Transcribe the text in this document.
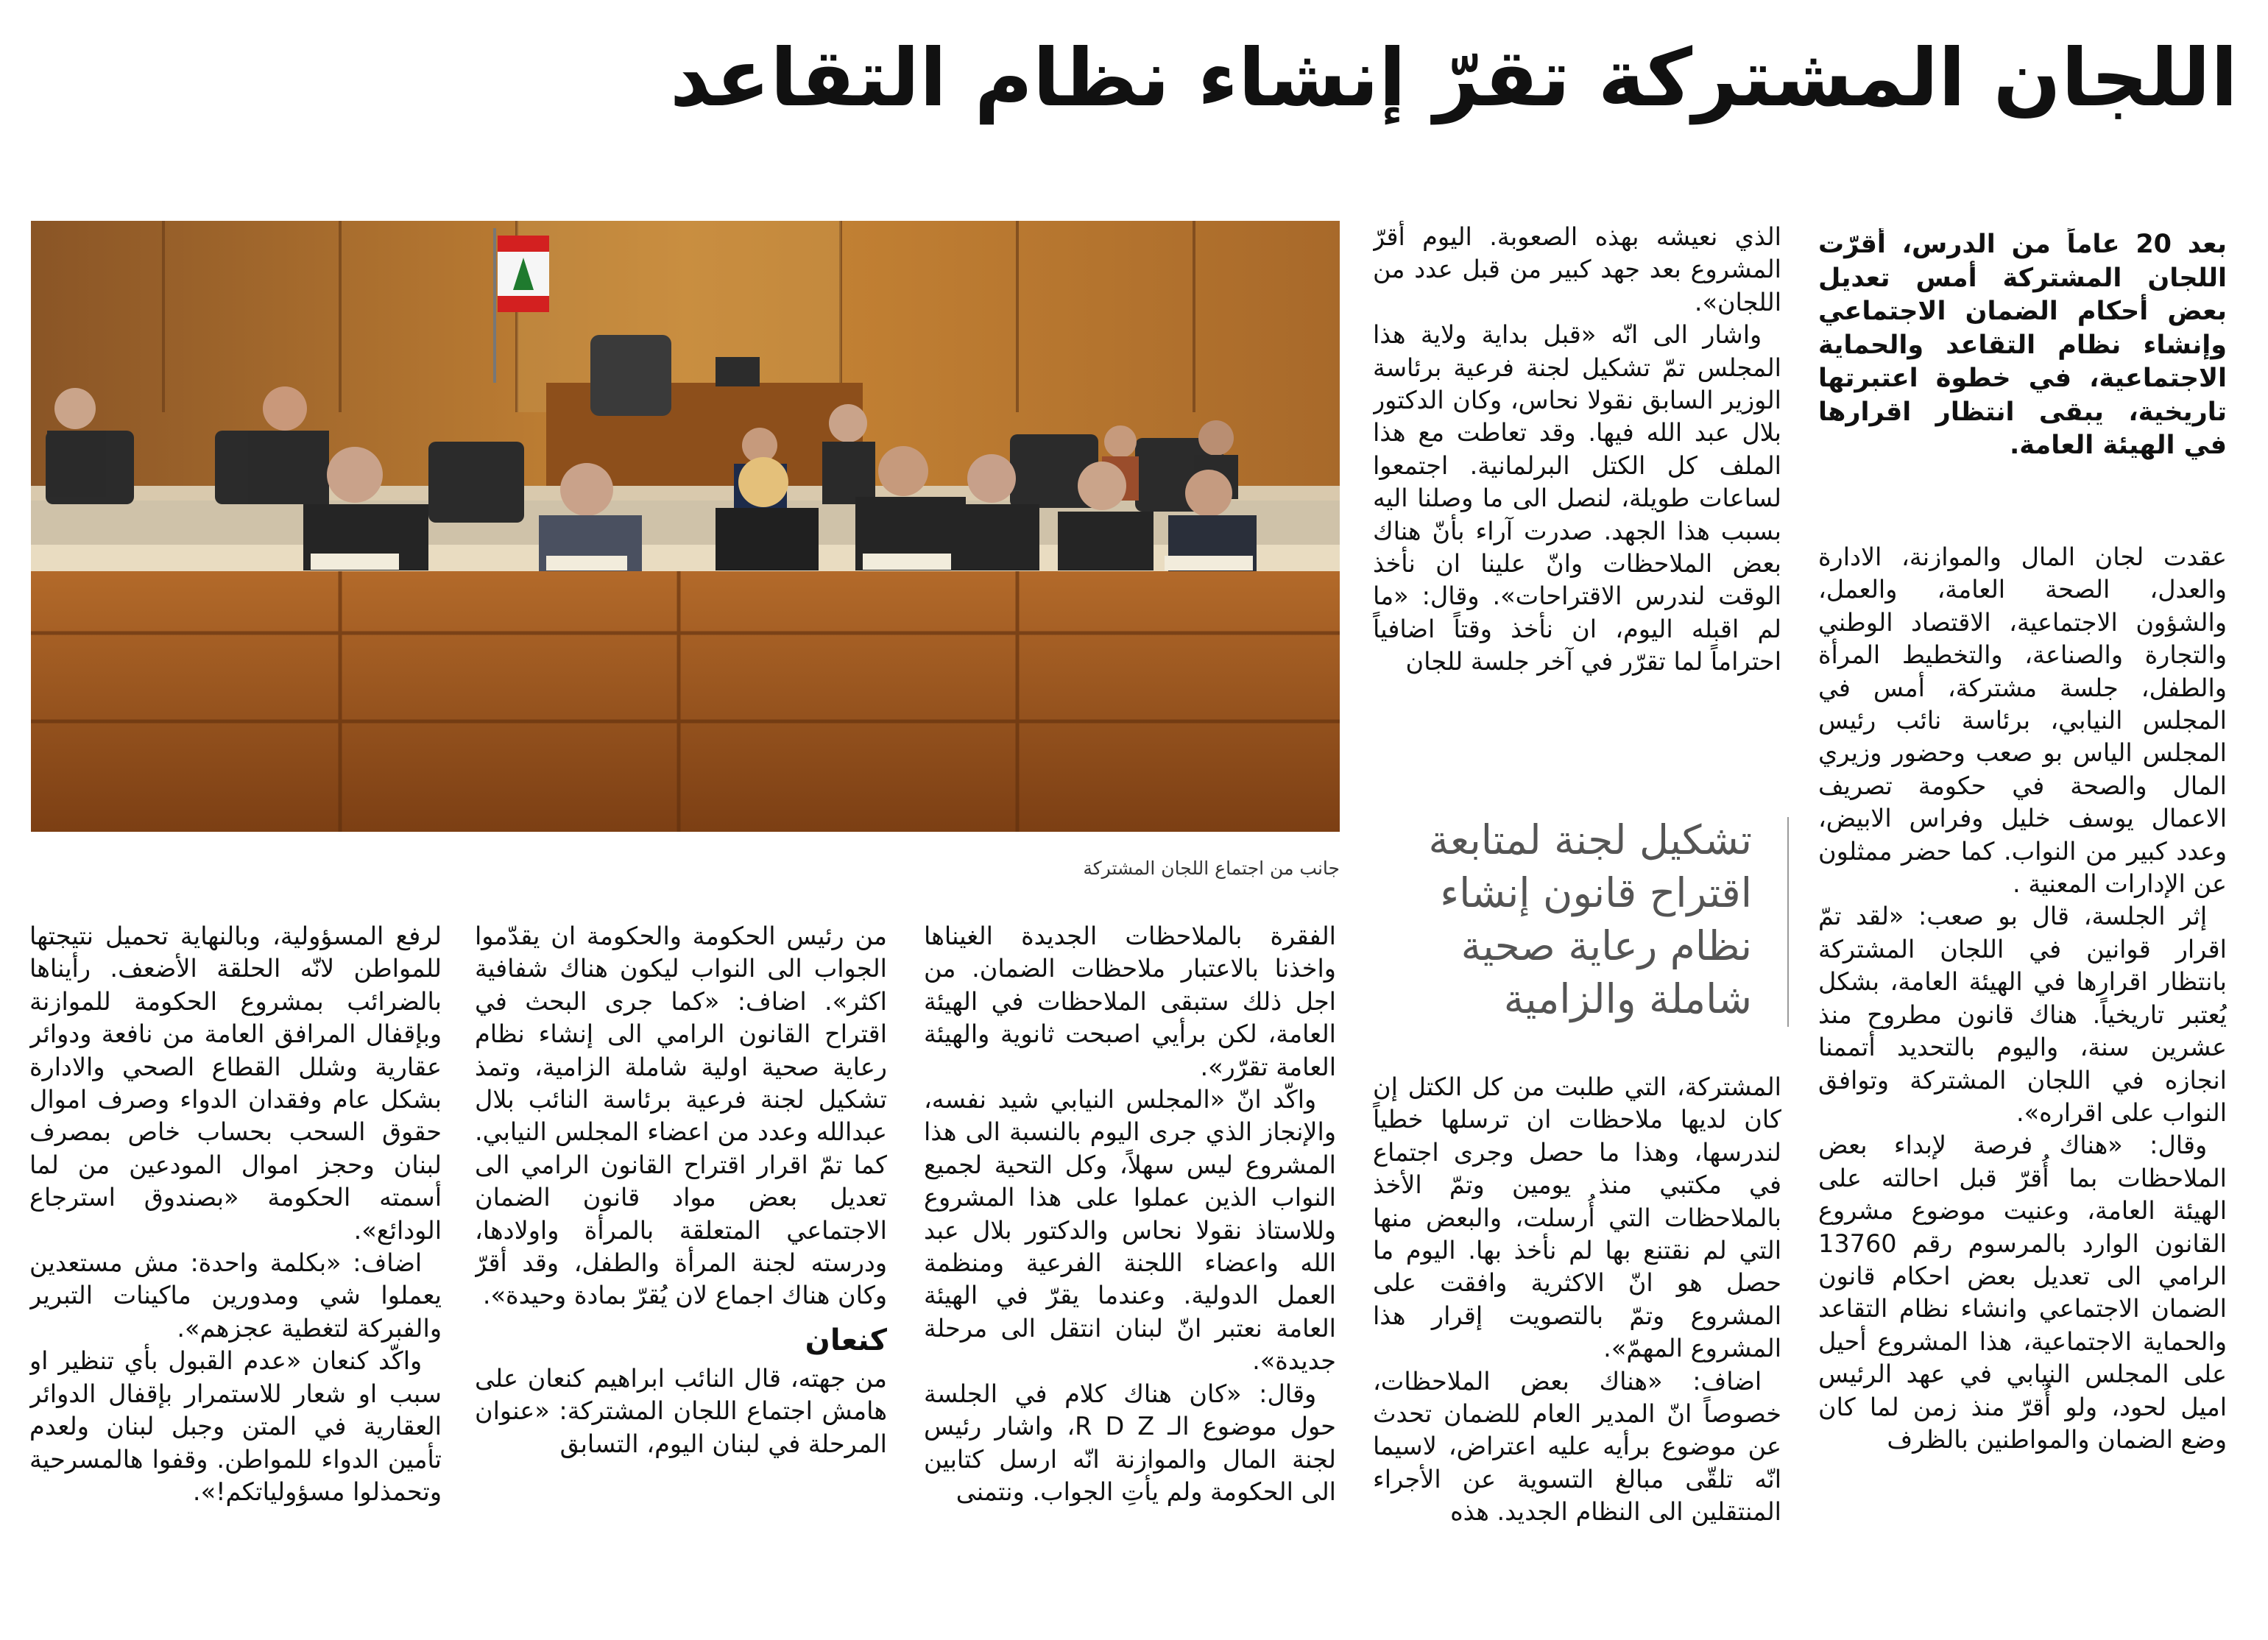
اللجان المشتركة تقرّ إنشاء نظام التقاعد

بعد 20 عاماً من الدرس، أقرّت اللجان المشتركة أمس تعديل بعض أحكام الضمان الاجتماعي وإنشاء نظام التقاعد والحماية الاجتماعية، في خطوة اعتبرتها تاريخية، يبقى انتظار اقرارها في الهيئة العامة.

عقدت لجان المال والموازنة، الادارة والعدل، الصحة العامة، والعمل، والشؤون الاجتماعية، الاقتصاد الوطني والتجارة والصناعة، والتخطيط المرأة والطفل، جلسة مشتركة، أمس في المجلس النيابي، برئاسة نائب رئيس المجلس الياس بو صعب وحضور وزيري المال والصحة في حكومة تصريف الاعمال يوسف خليل وفراس الابيض، وعدد كبير من النواب. كما حضر ممثلون عن الإدارات المعنية .

إثر الجلسة، قال بو صعب: «لقد تمّ اقرار قوانين في اللجان المشتركة بانتظار اقرارها في الهيئة العامة، بشكل يُعتبر تاريخياً. هناك قانون مطروح منذ عشرين سنة، واليوم بالتحديد أتممنا انجازه في اللجان المشتركة وتوافق النواب على اقراره».

وقال: «هناك فرصة لإبداء بعض الملاحظات بما أُقرّ قبل احالته على الهيئة العامة، وعنيت موضوع مشروع القانون الوارد بالمرسوم رقم 13760 الرامي الى تعديل بعض احكام قانون الضمان الاجتماعي وانشاء نظام التقاعد والحماية الاجتماعية، هذا المشروع أحيل على المجلس النيابي في عهد الرئيس اميل لحود، ولو أُقرّ منذ زمن لما كان وضع الضمان والمواطنين بالظرف

الذي نعيشه بهذه الصعوبة. اليوم أُقرّ المشروع بعد جهد كبير من قبل عدد من اللجان».

واشار الى انّه «قبل بداية ولاية هذا المجلس تمّ تشكيل لجنة فرعية برئاسة الوزير السابق نقولا نحاس، وكان الدكتور بلال عبد الله فيها. وقد تعاطت مع هذا الملف كل الكتل البرلمانية. اجتمعوا لساعات طويلة، لنصل الى ما وصلنا اليه بسبب هذا الجهد. صدرت آراء بأنّ هناك بعض الملاحظات وانّ علينا ان نأخذ الوقت لندرس الاقتراحات». وقال: «ما لم اقبله اليوم، ان نأخذ وقتاً اضافياً احتراماً لما تقرّر في آخر جلسة للجان

تشكيل لجنة لمتابعة اقتراح قانون إنشاء نظام رعاية صحية شاملة والزامية

المشتركة، التي طلبت من كل الكتل إن كان لديها ملاحظات ان ترسلها خطياً لندرسها، وهذا ما حصل وجرى اجتماع في مكتبي منذ يومين وتمّ الأخذ بالملاحظات التي أُرسلت، والبعض منها التي لم نقتنع بها لم نأخذ بها. اليوم ما حصل هو انّ الاكثرية وافقت على المشروع وتمّ بالتصويت إقرار هذا المشروع المهمّ».

اضاف: «هناك بعض الملاحظات، خصوصاً انّ المدير العام للضمان تحدث عن موضوع برأيه عليه اعتراض، لاسيما انّه تلقّى مبالغ التسوية عن الأجراء المنتقلين الى النظام الجديد. هذه

جانب من اجتماع اللجان المشتركة

الفقرة بالملاحظات الجديدة الغيناها واخذنا بالاعتبار ملاحظات الضمان. من اجل ذلك ستبقى الملاحظات في الهيئة العامة، لكن برأيي اصبحت ثانوية والهيئة العامة تقرّر».

واكّد انّ «المجلس النيابي شيد نفسه، والإنجاز الذي جرى اليوم بالنسبة الى هذا المشروع ليس سهلاً، وكل التحية لجميع النواب الذين عملوا على هذا المشروع وللاستاذ نقولا نحاس والدكتور بلال عبد الله واعضاء اللجنة الفرعية ومنظمة العمل الدولية. وعندما يقرّ في الهيئة العامة نعتبر انّ لبنان انتقل الى مرحلة جديدة».

وقال: «كان هناك كلام في الجلسة حول موضوع الـ R D Z، واشار رئيس لجنة المال والموازنة انّه ارسل كتابين الى الحكومة ولم يأتِ الجواب. ونتمنى

من رئيس الحكومة والحكومة ان يقدّموا الجواب الى النواب ليكون هناك شفافية اكثر». اضاف: «كما جرى البحث في اقتراح القانون الرامي الى إنشاء نظام رعاية صحية اولية شاملة الزامية، وتمذ تشكيل لجنة فرعية برئاسة النائب بلال عبدالله وعدد من اعضاء المجلس النيابي. كما تمّ اقرار اقتراح القانون الرامي الى تعديل بعض مواد قانون الضمان الاجتماعي المتعلقة بالمرأة واولادها، ودرسته لجنة المرأة والطفل، وقد أقرّ وكان هناك اجماع لان يُقرّ بمادة وحيدة».

كنعان

من جهته، قال النائب ابراهيم كنعان على هامش اجتماع اللجان المشتركة: «عنوان المرحلة في لبنان اليوم، التسابق

لرفع المسؤولية، وبالنهاية تحميل نتيجتها للمواطن لانّه الحلقة الأضعف. رأيناها بالضرائب بمشروع الحكومة للموازنة وبإقفال المرافق العامة من نافعة ودوائر عقارية وشلل القطاع الصحي والادارة بشكل عام وفقدان الدواء وصرف اموال حقوق السحب بحساب خاص بمصرف لبنان وحجز اموال المودعين من لما أسمته الحكومة «بصندوق استرجاع الودائع».

اضاف: «بكلمة واحدة: مش مستعدين يعملوا شي ومدورين ماكينات التبرير والفبركة لتغطية عجزهم».

واكّد كنعان «عدم القبول بأي تنظير او سبب او شعار للاستمرار بإقفال الدوائر العقارية في المتن وجبل لبنان ولعدم تأمين الدواء للمواطن. وقفوا هالمسرحية وتحمذلوا مسؤولياتكم!».
